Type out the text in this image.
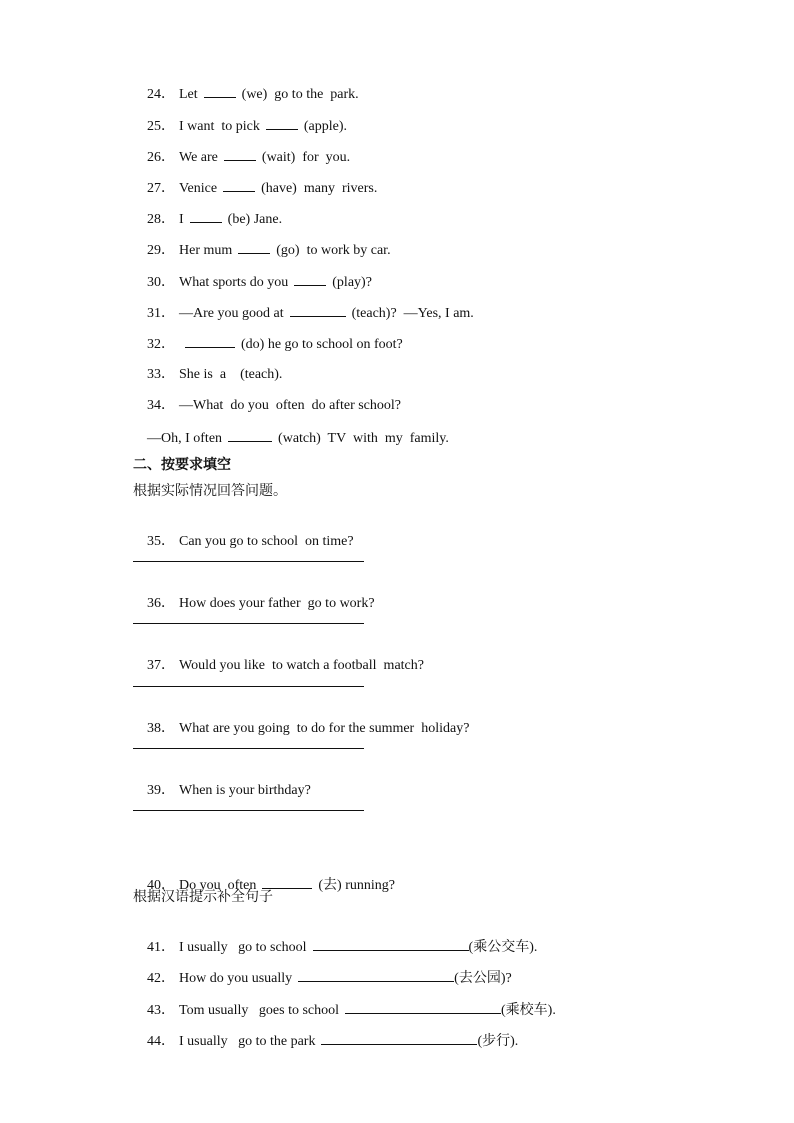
24． Let	(we)  go to the  park.

25． I want  to pick	(apple).

26． We are	(wait)  for  you.

27． Venice	(have)  many  rivers.

28． I	(be) Jane.

29． Her mum	(go)  to work by car.

30． What sports do you	(play)?

31． —Are you good at	(teach)?  —Yes, I am.

32．	(do) he go to school on foot?

33． She is  a (teach).

34． —What  do you  often  do after school?

—Oh, I often	(watch)  TV  with  my  family.

二、按要求填空
根据实际情况回答问题。

35． Can you go to school  on time?

36． How does your father  go to work?

37． Would you like  to watch a football  match?

38． What are you going  to do for the summer  holiday?

39． When is your birthday?

40． Do you  often	(去) running?

根据汉语提示补全句子

41． I usually   go to school	(乘公交车).

42． How do you usually	(去公园)?

43． Tom usually   goes to school	(乘校车).

44． I usually   go to the park	(步行).
